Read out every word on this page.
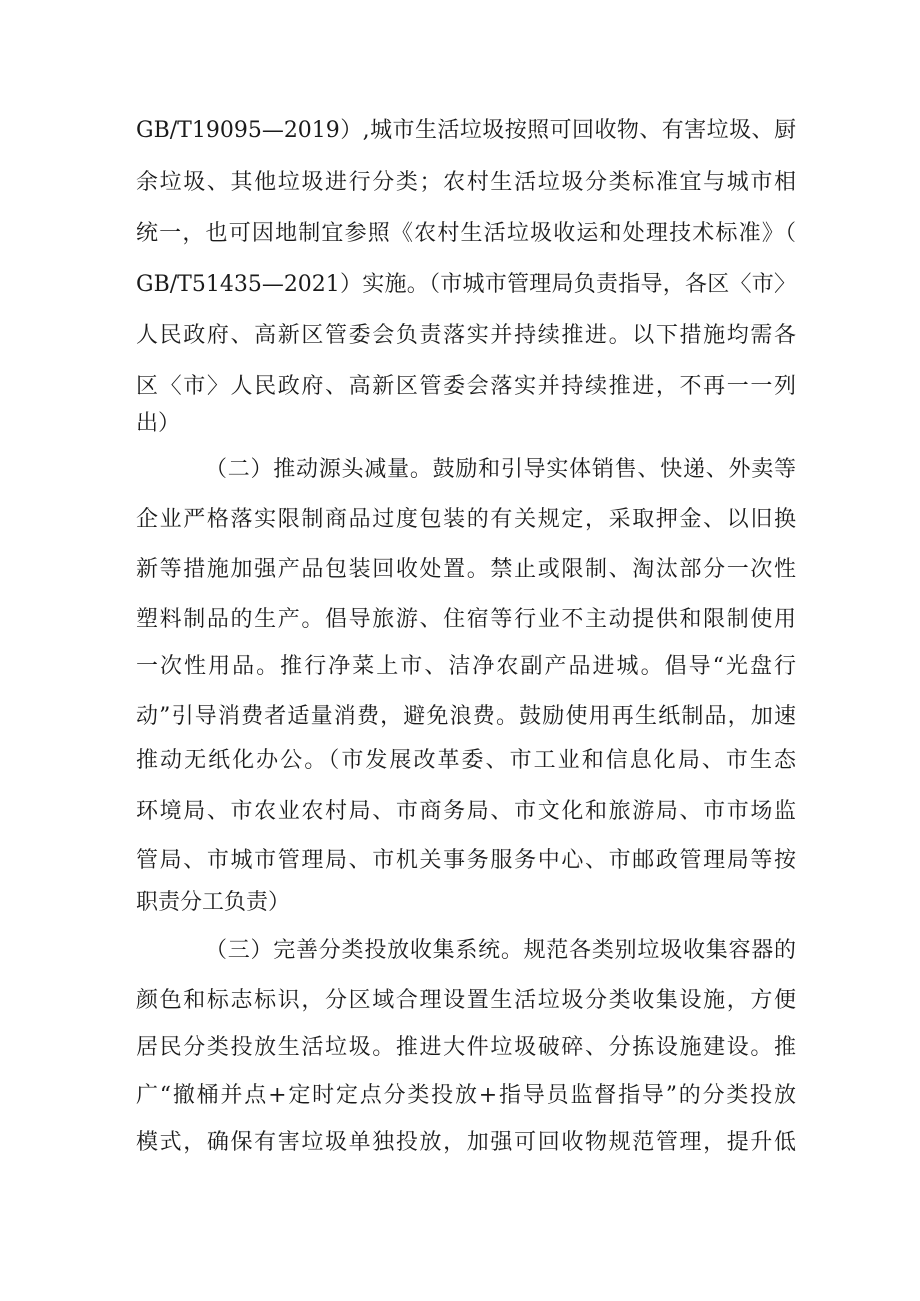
GB/T19095—2019）,城市生活垃圾按照可回收物、有害垃圾、厨
余垃圾、其他垃圾进行分类；农村生活垃圾分类标准宜与城市相
统一，也可因地制宜参照《农村生活垃圾收运和处理技术标准》（
GB/T51435—2021）实施。（市城市管理局负责指导，各区〈市〉
人民政府、高新区管委会负责落实并持续推进。以下措施均需各
区〈市〉人民政府、高新区管委会落实并持续推进，不再一一列
出）
（二）推动源头减量。鼓励和引导实体销售、快递、外卖等
企业严格落实限制商品过度包装的有关规定，采取押金、以旧换
新等措施加强产品包装回收处置。禁止或限制、淘汰部分一次性
塑料制品的生产。倡导旅游、住宿等行业不主动提供和限制使用
一次性用品。推行净菜上市、洁净农副产品进城。倡导“光盘行
动”引导消费者适量消费，避免浪费。鼓励使用再生纸制品，加速
推动无纸化办公。（市发展改革委、市工业和信息化局、市生态
环境局、市农业农村局、市商务局、市文化和旅游局、市市场监
管局、市城市管理局、市机关事务服务中心、市邮政管理局等按
职责分工负责）
（三）完善分类投放收集系统。规范各类别垃圾收集容器的
颜色和标志标识，分区域合理设置生活垃圾分类收集设施，方便
居民分类投放生活垃圾。推进大件垃圾破碎、分拣设施建设。推
广“撤桶并点+定时定点分类投放+指导员监督指导”的分类投放
模式，确保有害垃圾单独投放，加强可回收物规范管理，提升低
